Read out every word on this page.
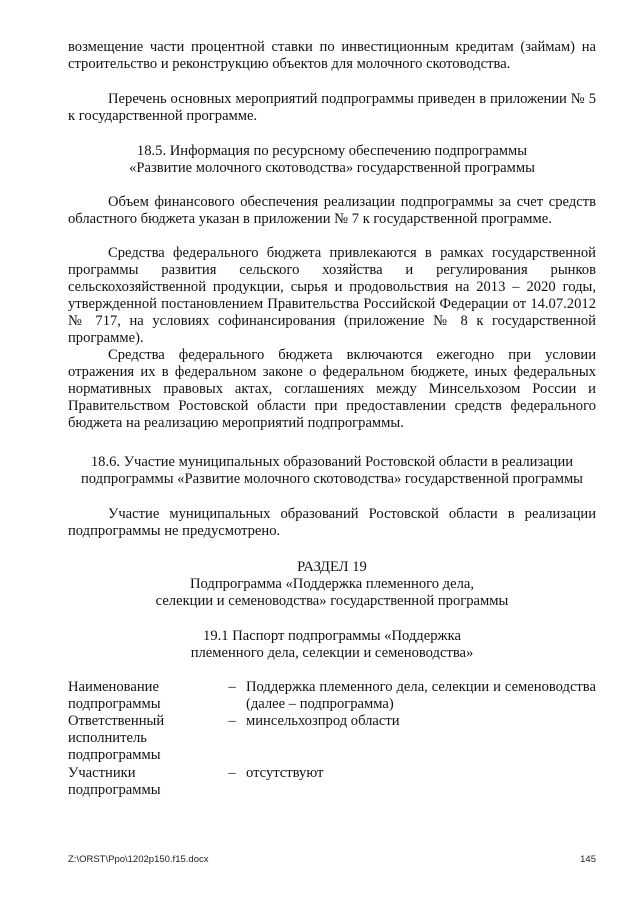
возмещение части процентной ставки по инвестиционным кредитам (займам) на строительство и реконструкцию объектов для молочного скотоводства.

Перечень основных мероприятий подпрограммы приведен в приложении № 5 к государственной программе.

18.5. Информация по ресурсному обеспечению подпрограммы

«Развитие молочного скотоводства» государственной программы

Объем финансового обеспечения реализации подпрограммы за счет средств областного бюджета указан в приложении № 7 к государственной программе.

Средства федерального бюджета привлекаются в рамках государственной программы развития сельского хозяйства и регулирования рынков сельскохозяйственной продукции, сырья и продовольствия на 2013 – 2020 годы, утвержденной постановлением Правительства Российской Федерации от 14.07.2012 № 717, на условиях софинансирования (приложение № 8 к государственной программе).

Средства федерального бюджета включаются ежегодно при условии отражения их в федеральном законе о федеральном бюджете, иных федеральных нормативных правовых актах, соглашениях между Минсельхозом России и Правительством Ростовской области при предоставлении средств федерального бюджета на реализацию мероприятий подпрограммы.

18.6. Участие муниципальных образований Ростовской области в реализации

подпрограммы «Развитие молочного скотоводства» государственной программы

Участие муниципальных образований Ростовской области в реализации подпрограммы не предусмотрено.

РАЗДЕЛ 19

Подпрограмма «Поддержка племенного дела,

селекции и семеноводства» государственной программы

19.1 Паспорт подпрограммы «Поддержка

племенного дела, селекции и семеноводства»

Наименование подпрограммы
– Поддержка племенного дела, селекции и семеноводства (далее – подпрограмма)
Ответственный исполнитель подпрограммы
– минсельхозпрод области
Участники подпрограммы
– отсутствуют
Z:\ORST\Ppo\1202p150.f15.docx	145
